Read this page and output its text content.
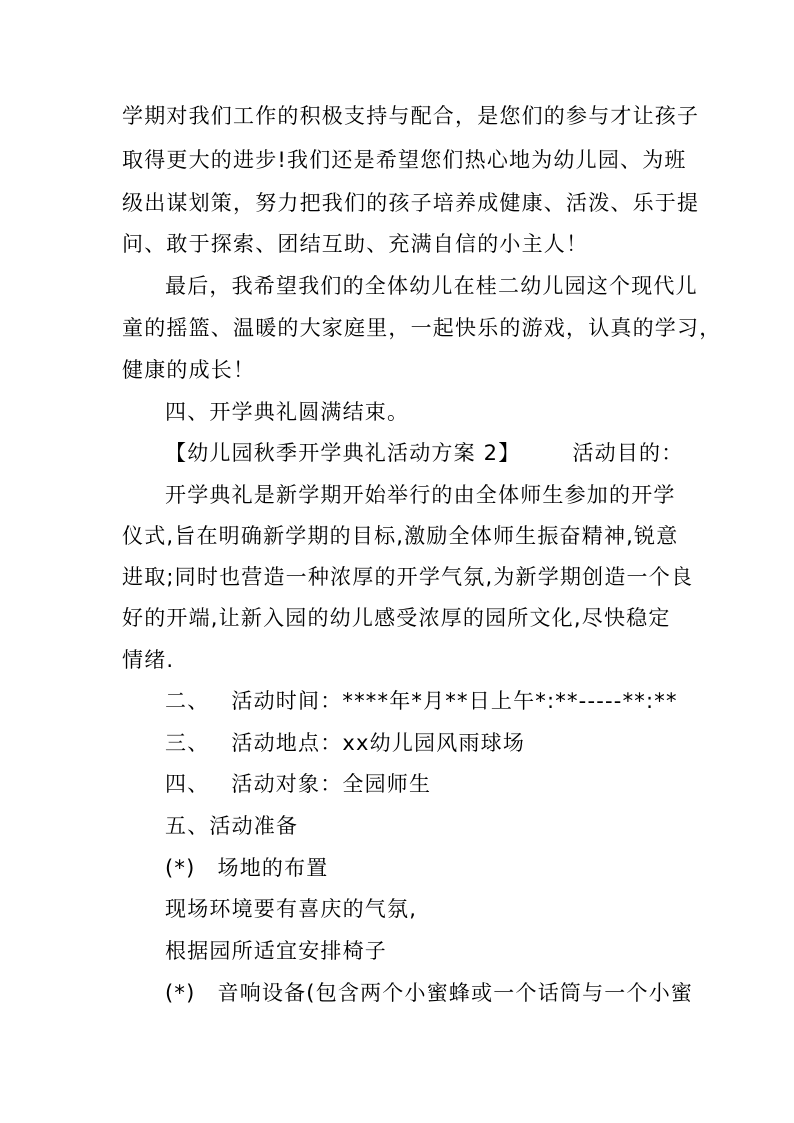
学期对我们工作的积极支持与配合，是您们的参与才让孩子
取得更大的进步!我们还是希望您们热心地为幼儿园、为班
级出谋划策，努力把我们的孩子培养成健康、活泼、乐于提
问、敢于探索、团结互助、充满自信的小主人！
最后，我希望我们的全体幼儿在桂二幼儿园这个现代儿
童的摇篮、温暖的大家庭里，一起快乐的游戏，认真的学习，
健康的成长！
四、开学典礼圆满结束。
【幼儿园秋季开学典礼活动方案 2】 活动目的：
开学典礼是新学期开始举行的由全体师生参加的开学
仪式,旨在明确新学期的目标,激励全体师生振奋精神,锐意
进取;同时也营造一种浓厚的开学气氛,为新学期创造一个良
好的开端,让新入园的幼儿感受浓厚的园所文化,尽快稳定
情绪.
二、 活动时间：****年*月**日上午*:**-----**:**
三、 活动地点：xx幼儿园风雨球场
四、 活动对象：全园师生
五、活动准备
(*) 场地的布置
现场环境要有喜庆的气氛,
根据园所适宜安排椅子
(*) 音响设备(包含两个小蜜蜂或一个话筒与一个小蜜
